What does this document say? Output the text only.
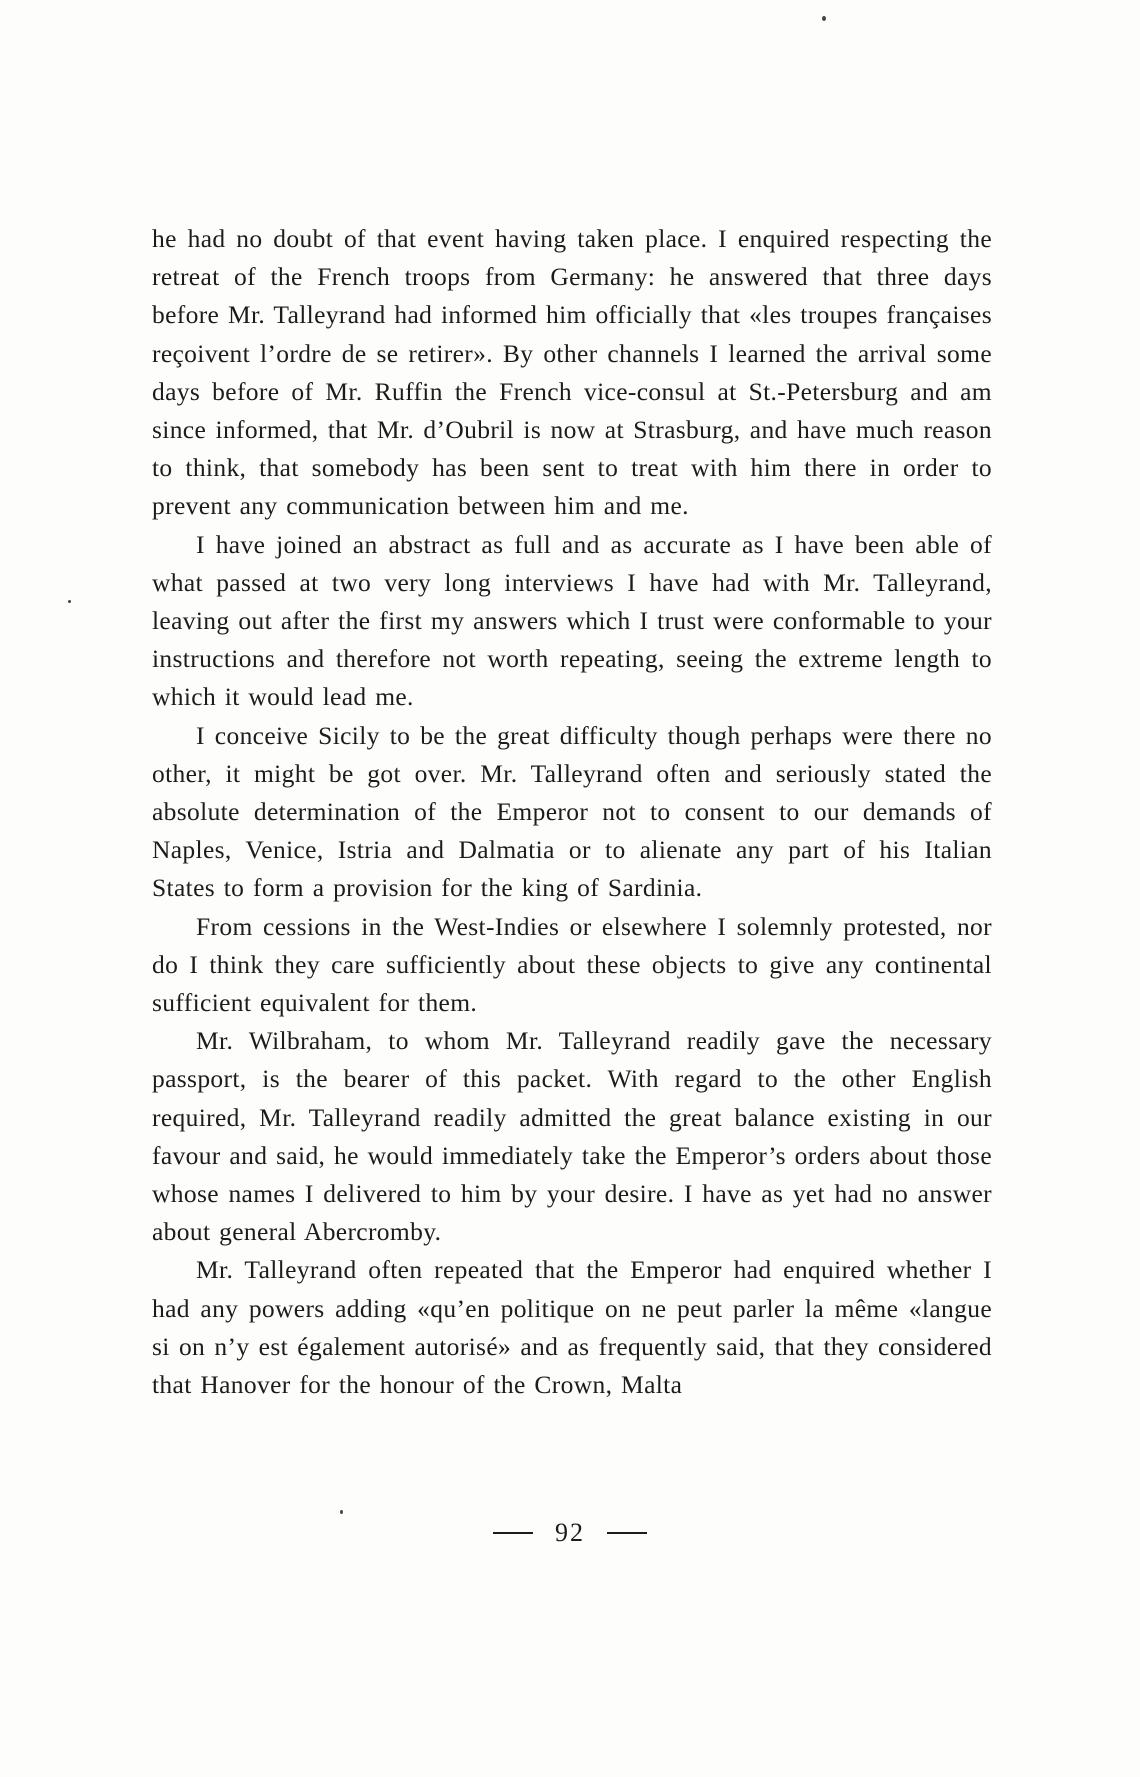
he had no doubt of that event having taken place. I enquired respecting the retreat of the French troops from Germany: he answered that three days before Mr. Talleyrand had informed him officially that «les troupes françaises reçoivent l’ordre de se retirer». By other channels I learned the arrival some days before of Mr. Ruffin the French vice-consul at St.-Petersburg and am since informed, that Mr. d’Oubril is now at Strasburg, and have much reason to think, that somebody has been sent to treat with him there in order to prevent any communication between him and me.

I have joined an abstract as full and as accurate as I have been able of what passed at two very long interviews I have had with Mr. Talleyrand, leaving out after the first my answers which I trust were conformable to your instructions and therefore not worth repeating, seeing the extreme length to which it would lead me.

I conceive Sicily to be the great difficulty though perhaps were there no other, it might be got over. Mr. Talleyrand often and seriously stated the absolute determination of the Emperor not to consent to our demands of Naples, Venice, Istria and Dalmatia or to alienate any part of his Italian States to form a provision for the king of Sardinia.

From cessions in the West-Indies or elsewhere I solemnly protested, nor do I think they care sufficiently about these objects to give any continental sufficient equivalent for them.

Mr. Wilbraham, to whom Mr. Talleyrand readily gave the necessary passport, is the bearer of this packet. With regard to the other English required, Mr. Talleyrand readily admitted the great balance existing in our favour and said, he would immediately take the Emperor’s orders about those whose names I delivered to him by your desire. I have as yet had no answer about general Abercromby.

Mr. Talleyrand often repeated that the Emperor had enquired whether I had any powers adding «qu’en politique on ne peut parler la même «langue si on n’y est également autorisé» and as frequently said, that they considered that Hanover for the honour of the Crown, Malta

92
